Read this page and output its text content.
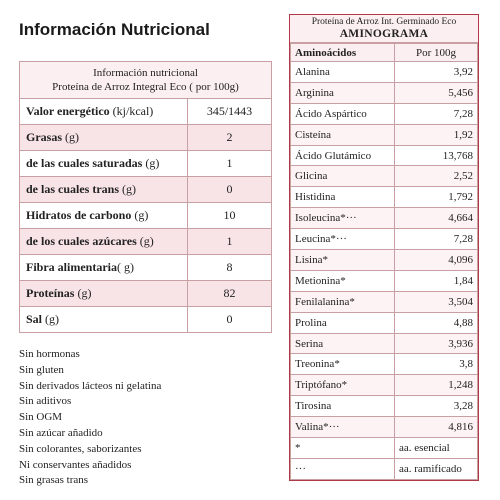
Información Nutricional
Información nutricional
Proteína de Arroz Integral Eco ( por 100g)	

Valor energético (kj/kcal)	345/1443
Grasas (g)	2
de las cuales saturadas (g)	1
de las cuales trans (g)	0
Hidratos de carbono (g)	10
de los cuales azúcares (g)	1
Fibra alimentaria( g)	8
Proteínas (g)	82
Sal (g)	0
Sin hormonas
Sin gluten
Sin derivados lácteos ni gelatina
Sin aditivos
Sin OGM
Sin azúcar añadido
Sin colorantes, saborizantes
Ni conservantes añadidos
Sin grasas trans
Proteína de Arroz Int. Germinado Eco
AMINOGRAMA
Aminoácidos	Por 100g
Alanina	3,92
Arginina	5,456
Ácido Aspártico	7,28
Cisteína	1,92
Ácido Glutámico	13,768
Glicina	2,52
Histidina	1,792
Isoleucina*···	4,664
Leucina*···	7,28
Lisina*	4,096
Metionina*	1,84
Fenilalanina*	3,504
Prolina	4,88
Serina	3,936
Treonina*	3,8
Triptófano*	1,248
Tirosina	3,28
Valina*···	4,816
*	aa. esencial
···	aa. ramificado
